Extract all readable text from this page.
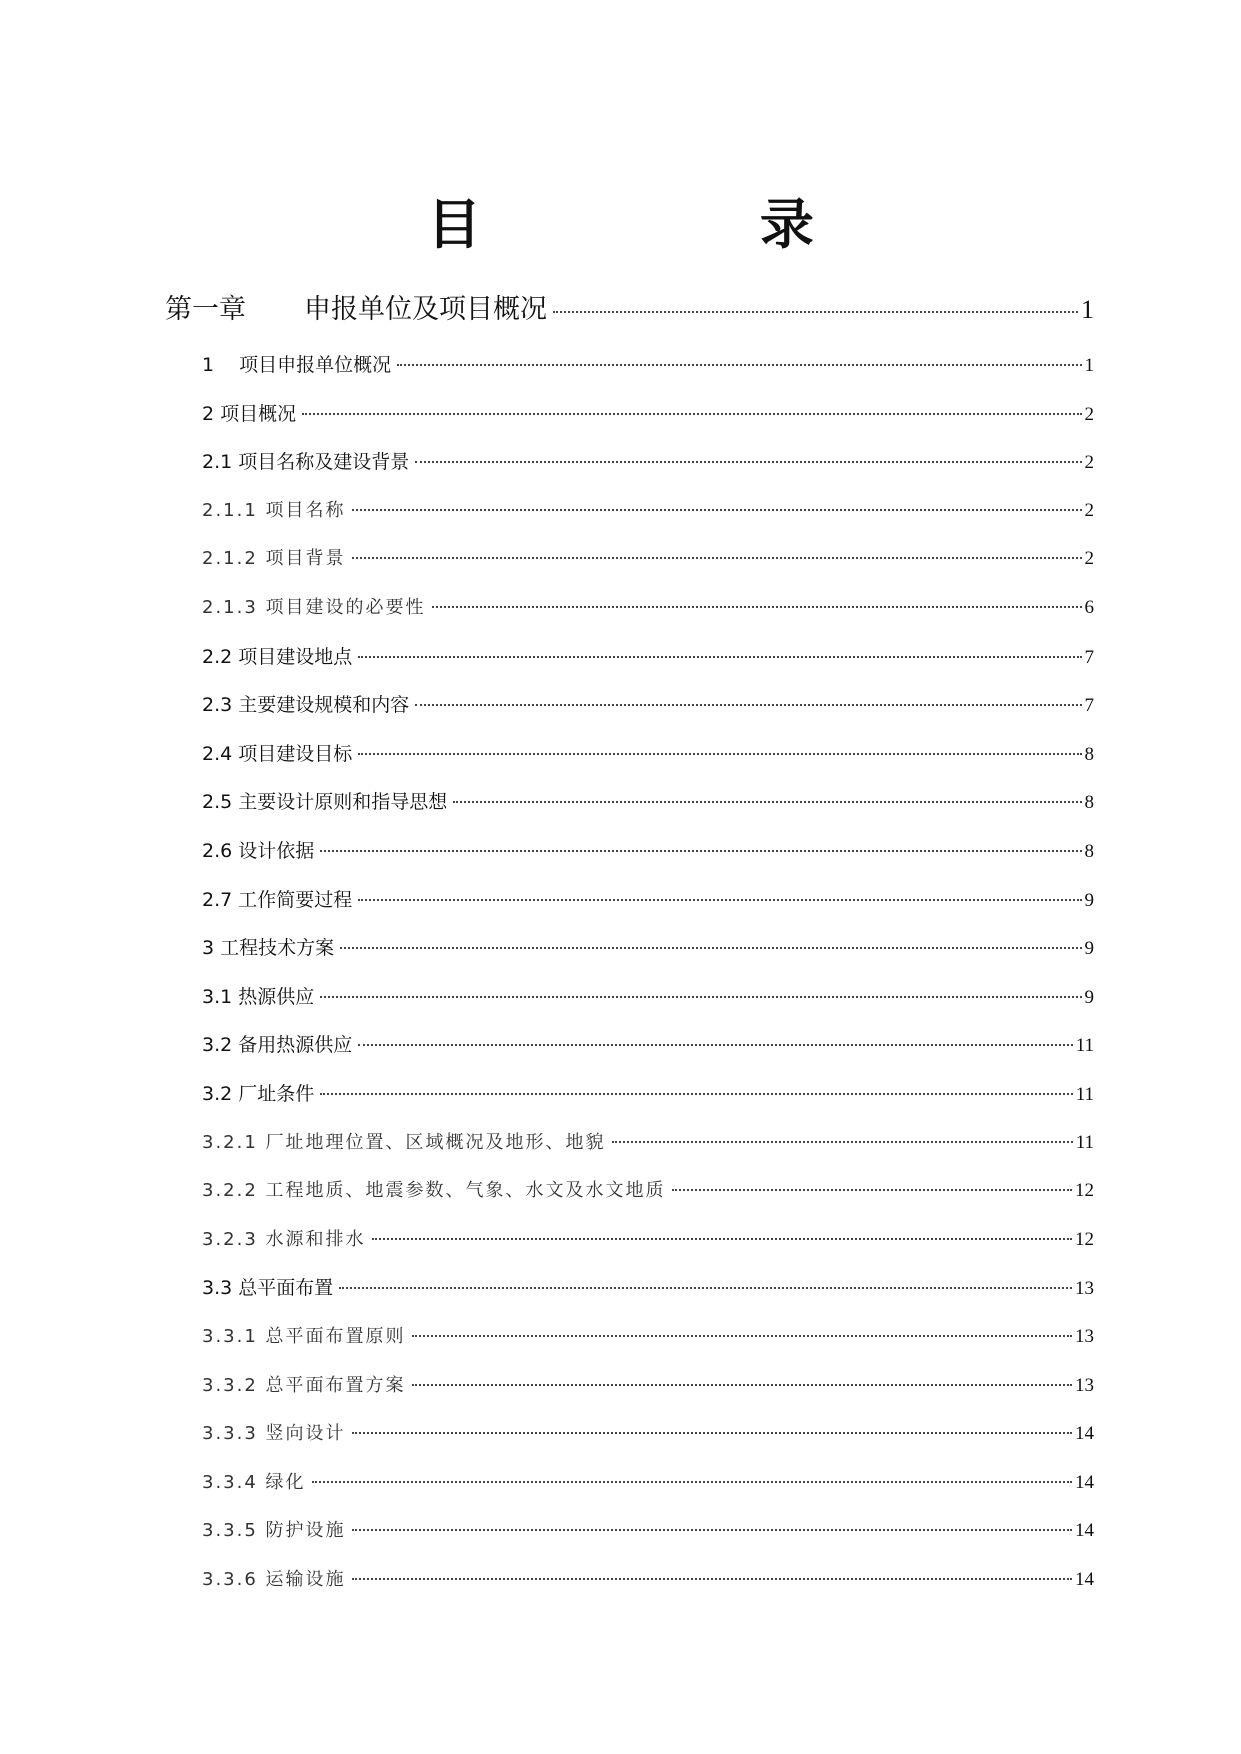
目 录
第一章 申报单位及项目概况	1
1 　项目申报单位概况	1
2 项目概况	2
2.1 项目名称及建设背景	2
2.1.1 项目名称	2
2.1.2 项目背景	2
2.1.3 项目建设的必要性	6
2.2 项目建设地点	7
2.3 主要建设规模和内容	7
2.4 项目建设目标	8
2.5 主要设计原则和指导思想	8
2.6 设计依据	8
2.7 工作简要过程	9
3 工程技术方案	9
3.1 热源供应	9
3.2 备用热源供应	11
3.2 厂址条件	11
3.2.1 厂址地理位置、区域概况及地形、地貌	11
3.2.2 工程地质、地震参数、气象、水文及水文地质	12
3.2.3 水源和排水	12
3.3 总平面布置	13
3.3.1 总平面布置原则	13
3.3.2 总平面布置方案	13
3.3.3 竖向设计	14
3.3.4 绿化	14
3.3.5 防护设施	14
3.3.6 运输设施	14
